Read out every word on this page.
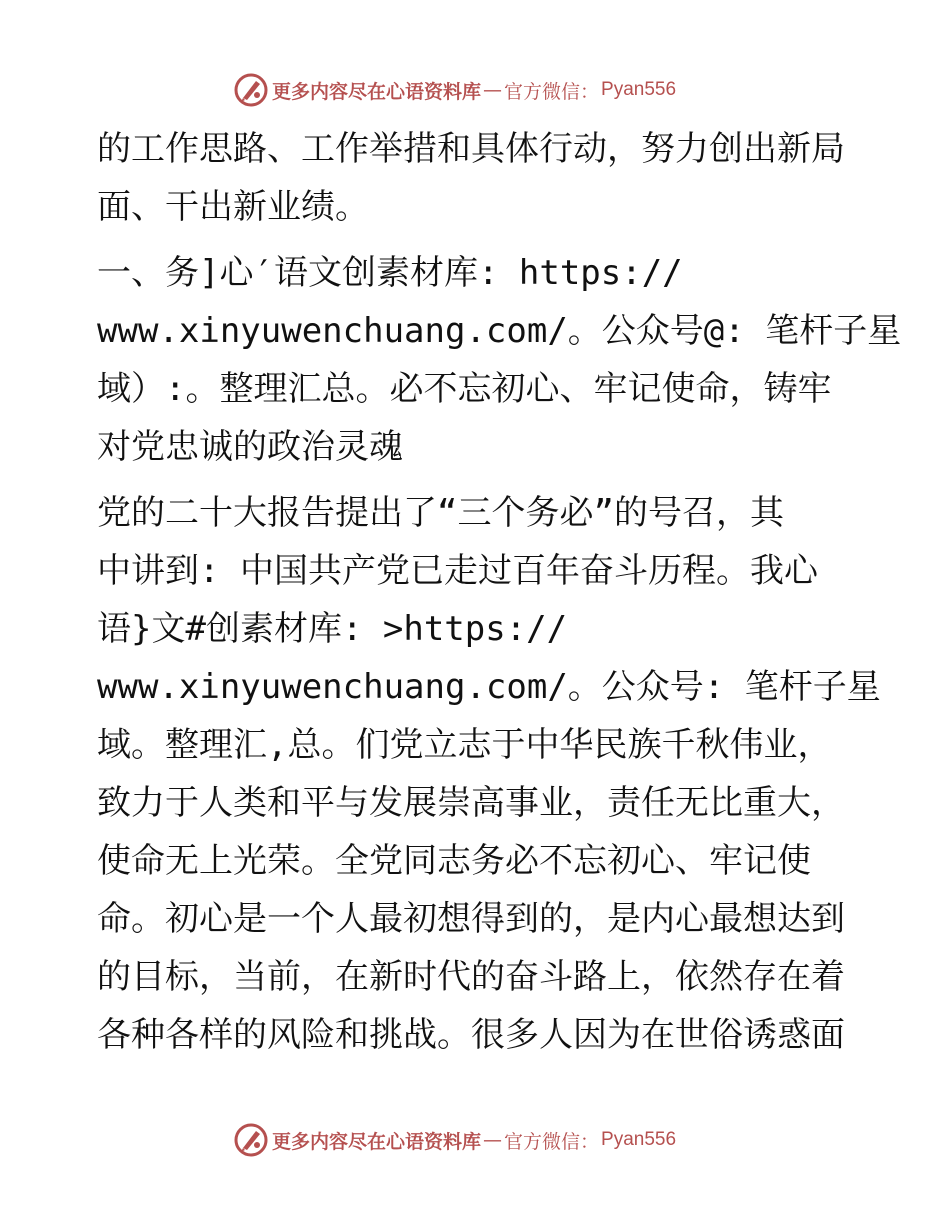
更多内容尽在心语资料库 — 官方微信： Pyan556
的工作思路、工作举措和具体行动，努力创出新局
面、干出新业绩。
一、务]心′语文创素材库: https://
www.xinyuwenchuang.com/。公众号@: 笔杆子星
域）:。整理汇总。必不忘初心、牢记使命，铸牢
对党忠诚的政治灵魂
党的二十大报告提出了“三个务必”的号召，其
中讲到: 中国共产党已走过百年奋斗历程。我心
语}文#创素材库: >https://
www.xinyuwenchuang.com/。公众号: 笔杆子星
域。整理汇,总。们党立志于中华民族千秋伟业，
致力于人类和平与发展崇高事业，责任无比重大，
使命无上光荣。全党同志务必不忘初心、牢记使
命。初心是一个人最初想得到的，是内心最想达到
的目标，当前，在新时代的奋斗路上，依然存在着
各种各样的风险和挑战。很多人因为在世俗诱惑面
更多内容尽在心语资料库 — 官方微信： Pyan556
